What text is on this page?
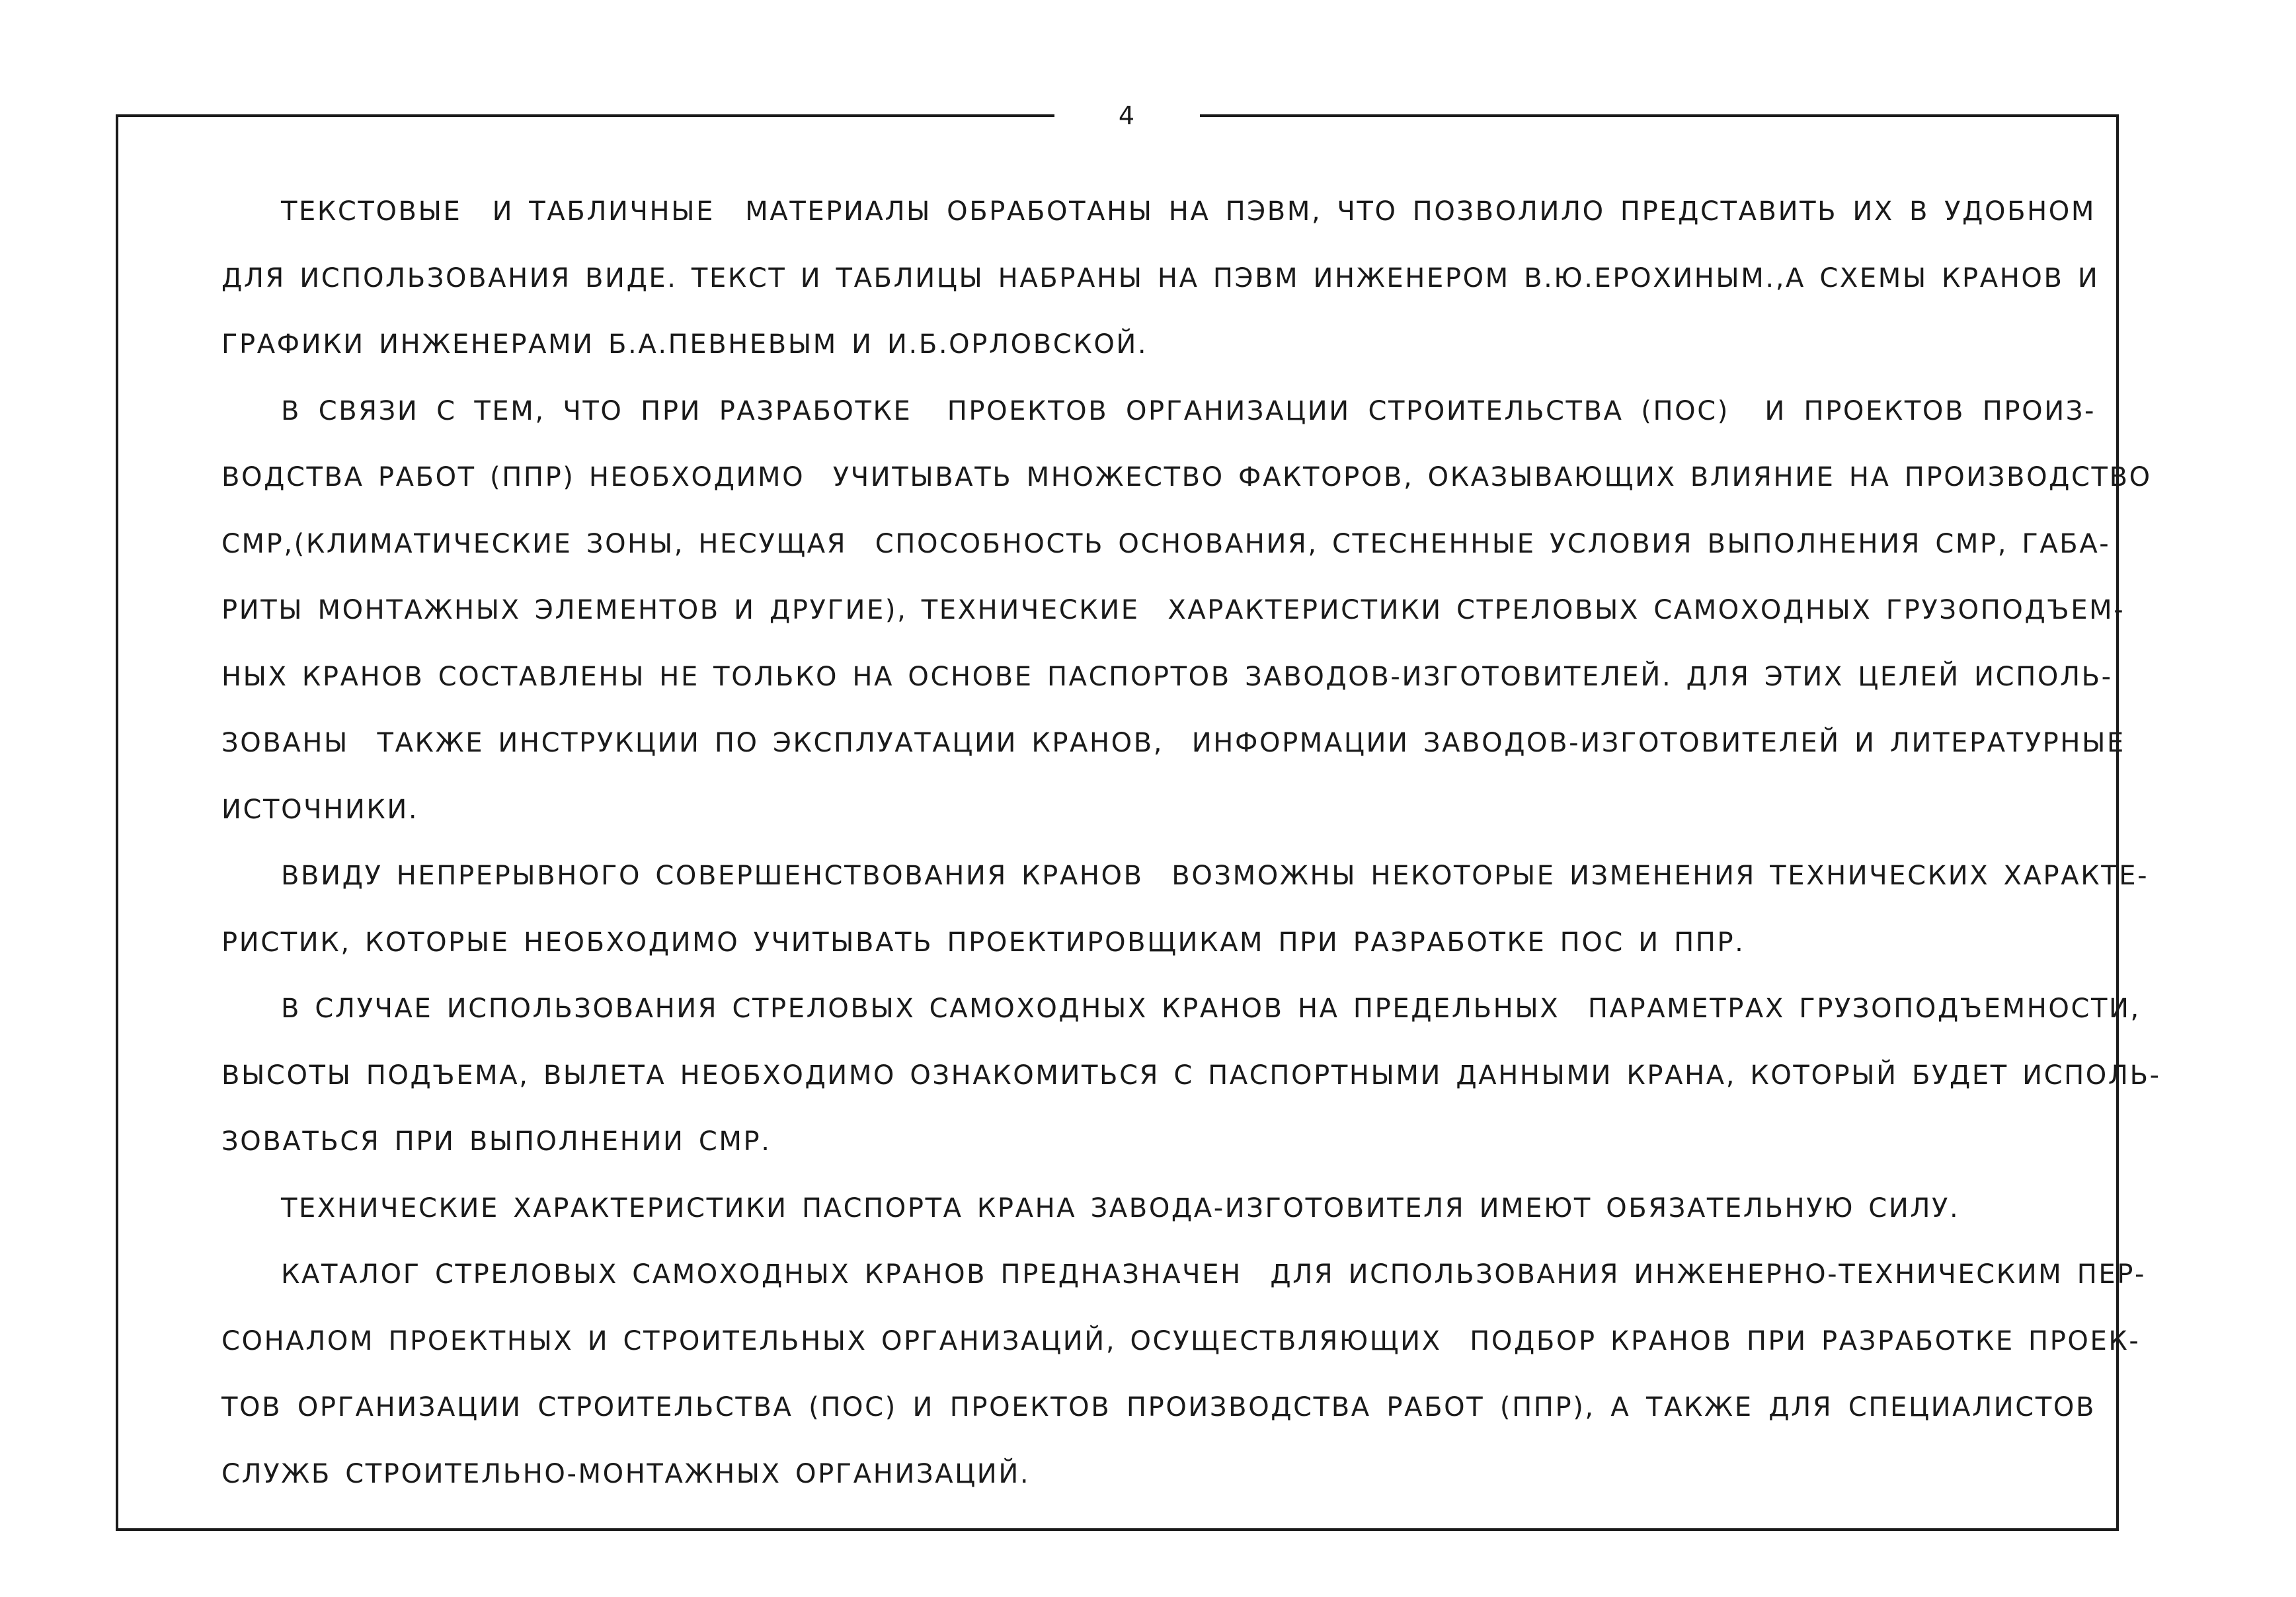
4
ТЕКСТОВЫЕ  И ТАБЛИЧНЫЕ  МАТЕРИАЛЫ ОБРАБОТАНЫ НА ПЭВМ, ЧТО ПОЗВОЛИЛО ПРЕДСТАВИТЬ ИХ В УДОБНОМ
ДЛЯ ИСПОЛЬЗОВАНИЯ ВИДЕ. ТЕКСТ И ТАБЛИЦЫ НАБРАНЫ НА ПЭВМ ИНЖЕНЕРОМ В.Ю.ЕРОХИНЫМ.,А СХЕМЫ КРАНОВ И
ГРАФИКИ ИНЖЕНЕРАМИ Б.А.ПЕВНЕВЫМ И И.Б.ОРЛОВСКОЙ.
В СВЯЗИ С ТЕМ, ЧТО ПРИ РАЗРАБОТКЕ  ПРОЕКТОВ ОРГАНИЗАЦИИ СТРОИТЕЛЬСТВА (ПОС)  И ПРОЕКТОВ ПРОИЗ-
ВОДСТВА РАБОТ (ППР) НЕОБХОДИМО  УЧИТЫВАТЬ МНОЖЕСТВО ФАКТОРОВ, ОКАЗЫВАЮЩИХ ВЛИЯНИЕ НА ПРОИЗВОДСТВО
СМР,(КЛИМАТИЧЕСКИЕ ЗОНЫ, НЕСУЩАЯ  СПОСОБНОСТЬ ОСНОВАНИЯ, СТЕСНЕННЫЕ УСЛОВИЯ ВЫПОЛНЕНИЯ СМР, ГАБА-
РИТЫ МОНТАЖНЫХ ЭЛЕМЕНТОВ И ДРУГИЕ), ТЕХНИЧЕСКИЕ  ХАРАКТЕРИСТИКИ СТРЕЛОВЫХ САМОХОДНЫХ ГРУЗОПОДЪЕМ-
НЫХ КРАНОВ СОСТАВЛЕНЫ НЕ ТОЛЬКО НА ОСНОВЕ ПАСПОРТОВ ЗАВОДОВ-ИЗГОТОВИТЕЛЕЙ. ДЛЯ ЭТИХ ЦЕЛЕЙ ИСПОЛЬ-
ЗОВАНЫ  ТАКЖЕ ИНСТРУКЦИИ ПО ЭКСПЛУАТАЦИИ КРАНОВ,  ИНФОРМАЦИИ ЗАВОДОВ-ИЗГОТОВИТЕЛЕЙ И ЛИТЕРАТУРНЫЕ
ИСТОЧНИКИ.
ВВИДУ НЕПРЕРЫВНОГО СОВЕРШЕНСТВОВАНИЯ КРАНОВ  ВОЗМОЖНЫ НЕКОТОРЫЕ ИЗМЕНЕНИЯ ТЕХНИЧЕСКИХ ХАРАКТЕ-
РИСТИК, КОТОРЫЕ НЕОБХОДИМО УЧИТЫВАТЬ ПРОЕКТИРОВЩИКАМ ПРИ РАЗРАБОТКЕ ПОС И ППР.
В СЛУЧАЕ ИСПОЛЬЗОВАНИЯ СТРЕЛОВЫХ САМОХОДНЫХ КРАНОВ НА ПРЕДЕЛЬНЫХ  ПАРАМЕТРАХ ГРУЗОПОДЪЕМНОСТИ,
ВЫСОТЫ ПОДЪЕМА, ВЫЛЕТА НЕОБХОДИМО ОЗНАКОМИТЬСЯ С ПАСПОРТНЫМИ ДАННЫМИ КРАНА, КОТОРЫЙ БУДЕТ ИСПОЛЬ-
ЗОВАТЬСЯ ПРИ ВЫПОЛНЕНИИ СМР.
ТЕХНИЧЕСКИЕ ХАРАКТЕРИСТИКИ ПАСПОРТА КРАНА ЗАВОДА-ИЗГОТОВИТЕЛЯ ИМЕЮТ ОБЯЗАТЕЛЬНУЮ СИЛУ.
КАТАЛОГ СТРЕЛОВЫХ САМОХОДНЫХ КРАНОВ ПРЕДНАЗНАЧЕН  ДЛЯ ИСПОЛЬЗОВАНИЯ ИНЖЕНЕРНО-ТЕХНИЧЕСКИМ ПЕР-
СОНАЛОМ ПРОЕКТНЫХ И СТРОИТЕЛЬНЫХ ОРГАНИЗАЦИЙ, ОСУЩЕСТВЛЯЮЩИХ  ПОДБОР КРАНОВ ПРИ РАЗРАБОТКЕ ПРОЕК-
ТОВ ОРГАНИЗАЦИИ СТРОИТЕЛЬСТВА (ПОС) И ПРОЕКТОВ ПРОИЗВОДСТВА РАБОТ (ППР), А ТАКЖЕ ДЛЯ СПЕЦИАЛИСТОВ
СЛУЖБ СТРОИТЕЛЬНО-МОНТАЖНЫХ ОРГАНИЗАЦИЙ.
